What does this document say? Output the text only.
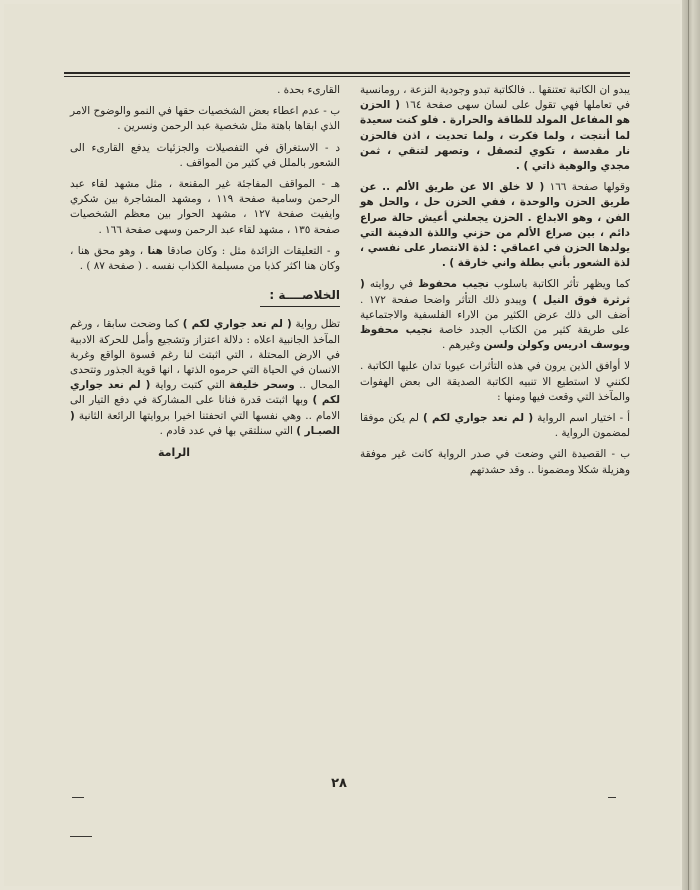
يبدو ان الكاتبة تعتنقها .. فالكاتبة تبدو وجودية النزعة ، رومانسية في تعاملها فهي تقول على لسان سهى صفحة ١٦٤ ( الحزن هو المفاعل المولد للطاقة والحرارة . فلو كنت سعيدة لما أنتجت ، ولما فكرت ، ولما تحديت ، اذن فالحزن نار مقدسة ، تكوي لتصقل ، وتصهر لتنقي ، ثمن مجدي والوهية ذاتي ) .

وقولها صفحة ١٦٦ ( لا خلق الا عن طريق الألم .. عن طريق الحزن والوحدة ، ففي الحزن حل ، والحل هو الفن ، وهو الابداع . الحزن يجعلني أعيش حالة صراع دائم ، بين صراع الألم من حزني واللذة الدفينة التي يولدها الحزن في اعماقي : لذة الانتصار على نفسي ، لذة الشعور بأني بطلة واني خارقة ) .

كما ويظهر تأثر الكاتبة باسلوب نجيب محفوظ في روايته ( ثرثرة فوق النيل ) ويبدو ذلك التأثر واضحا صفحة ١٧٢ . أضف الى ذلك عرض الكثير من الاراء الفلسفية والاجتماعية على طريقة كثير من الكتاب الجدد خاصة نجيب محفوظ ويوسف ادريس وكولن ولسن وغيرهم .

لا أوافق الذين يرون في هذه التأثرات عيوبا تدان عليها الكاتبة . لكنني لا استطيع الا تنبيه الكاتبة الصديقة الى بعض الهفوات والمآخذ التي وقعت فيها ومنها :

أ - اختيار اسم الرواية ( لم نعد جواري لكم ) لم يكن موفقا لمضمون الرواية .

ب - القصيدة التي وضعت في صدر الرواية كانت غير موفقة وهزيلة شكلا ومضمونا .. وقد حشدتهم

القارىء بحدة .

ب - عدم اعطاء بعض الشخصيات حقها في النمو والوضوح الامر الذي ابقاها باهتة مثل شخصية عبد الرحمن ونسرين .

د - الاستغراق في التفصيلات والجزئيات يدفع القارىء الى الشعور بالملل في كثير من المواقف .

هـ - المواقف المفاجئة غير المقنعة ، مثل مشهد لقاء عبد الرحمن وسامية صفحة ١١٩ ، ومشهد المشاجرة بين شكري وايفيت صفحة ١٢٧ ، مشهد الحوار بين معظم الشخصيات صفحة ١٣٥ ، مشهد لقاء عبد الرحمن وسهى صفحة ١٦٦ .

و - التعليقات الزائدة مثل : وكان صادقا هنا ، وهو محق هنا ، وكان هنا اكثر كذبا من مسيلمة الكذاب نفسه . ( صفحة ٨٧ ) .

الخلاصــــة :

تظل رواية ( لم نعد جواري لكم ) كما وضحت سابقا ، ورغم المآخذ الجانبية اعلاه : دلالة اعتزاز وتشجيع وأمل للحركة الادبية في الارض المحتلة ، التي اثبتت لنا رغم قسوة الواقع وغربة الانسان في الحياة التي حرموه الذتها ، انها قوية الجذور وتتحدى المحال .. وسحر خليفة التي كتبت رواية ( لم نعد جواري لكم ) وبها اثبتت قدرة فنانا على المشاركة في دفع التيار الى الامام .. وهي نفسها التي اتحفتنا اخيرا بروايتها الرائعة الثانية ( الصبـار ) التي سنلتقي بها في عدد قادم .

الرامة
٢٨
